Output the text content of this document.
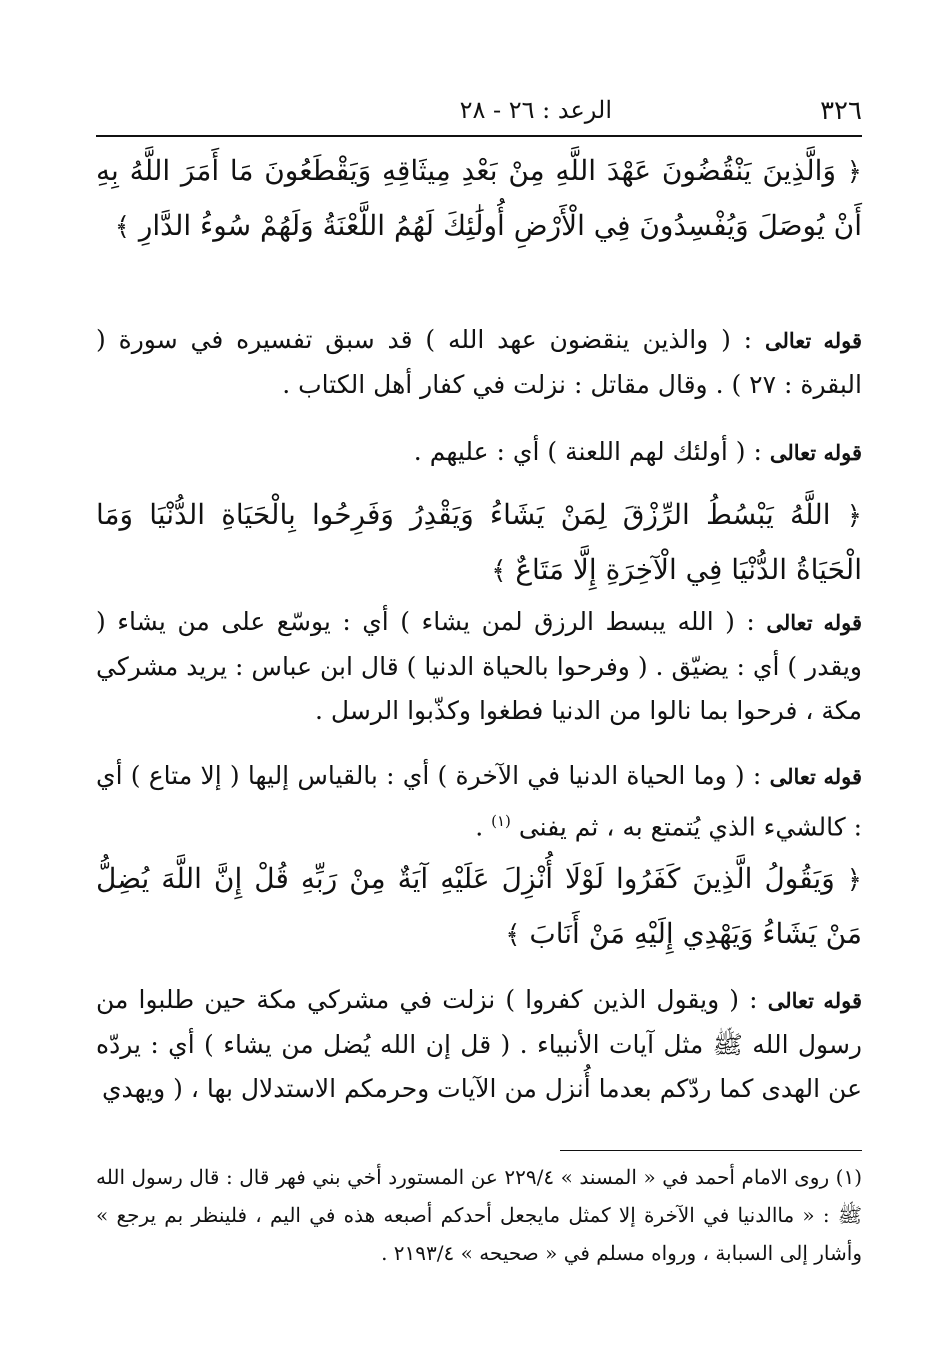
٣٢٦
الرعد : ٢٦ - ٢٨
﴿ وَالَّذِينَ يَنْقُضُونَ عَهْدَ اللَّهِ مِنْ بَعْدِ مِيثَاقِهِ وَيَقْطَعُونَ مَا أَمَرَ اللَّهُ بِهِ أَنْ يُوصَلَ وَيُفْسِدُونَ فِي الْأَرْضِ أُولَٰئِكَ لَهُمُ اللَّعْنَةُ وَلَهُمْ سُوءُ الدَّارِ ﴾
قوله تعالى : ( والذين ينقضون عهد الله ) قد سبق تفسيره في سورة ( البقرة : ٢٧ ) . وقال مقاتل : نزلت في كفار أهل الكتاب .
قوله تعالى : ( أولئك لهم اللعنة ) أي : عليهم .
﴿ اللَّهُ يَبْسُطُ الرِّزْقَ لِمَنْ يَشَاءُ وَيَقْدِرُ وَفَرِحُوا بِالْحَيَاةِ الدُّنْيَا وَمَا الْحَيَاةُ الدُّنْيَا فِي الْآخِرَةِ إِلَّا مَتَاعٌ ﴾
قوله تعالى : ( الله يبسط الرزق لمن يشاء ) أي : يوسّع على من يشاء ( ويقدر ) أي : يضيّق . ( وفرحوا بالحياة الدنيا ) قال ابن عباس : يريد مشركي مكة ، فرحوا بما نالوا من الدنيا فطغوا وكذّبوا الرسل .
قوله تعالى : ( وما الحياة الدنيا في الآخرة ) أي : بالقياس إليها ( إلا متاع ) أي : كالشيء الذي يُتمتع به ، ثم يفنى $^{(١)}$ .
﴿ وَيَقُولُ الَّذِينَ كَفَرُوا لَوْلَا أُنْزِلَ عَلَيْهِ آيَةٌ مِنْ رَبِّهِ قُلْ إِنَّ اللَّهَ يُضِلُّ مَنْ يَشَاءُ وَيَهْدِي إِلَيْهِ مَنْ أَنَابَ ﴾
قوله تعالى : ( ويقول الذين كفروا ) نزلت في مشركي مكة حين طلبوا من رسول الله ﷺ مثل آيات الأنبياء . ( قل إن الله يُضل من يشاء ) أي : يردّه عن الهدى كما ردّكم بعدما أُنزل من الآيات وحرمكم الاستدلال بها ، ( ويهدي
(١) روى الامام أحمد في « المسند » ٢٢٩/٤ عن المستورد أخي بني فهر قال : قال رسول الله ﷺ : « ماالدنيا في الآخرة إلا كمثل مايجعل أحدكم أصبعه هذه في اليم ، فلينظر بم يرجع » وأشار إلى السبابة ، ورواه مسلم في « صحيحه » ٢١٩٣/٤ .
